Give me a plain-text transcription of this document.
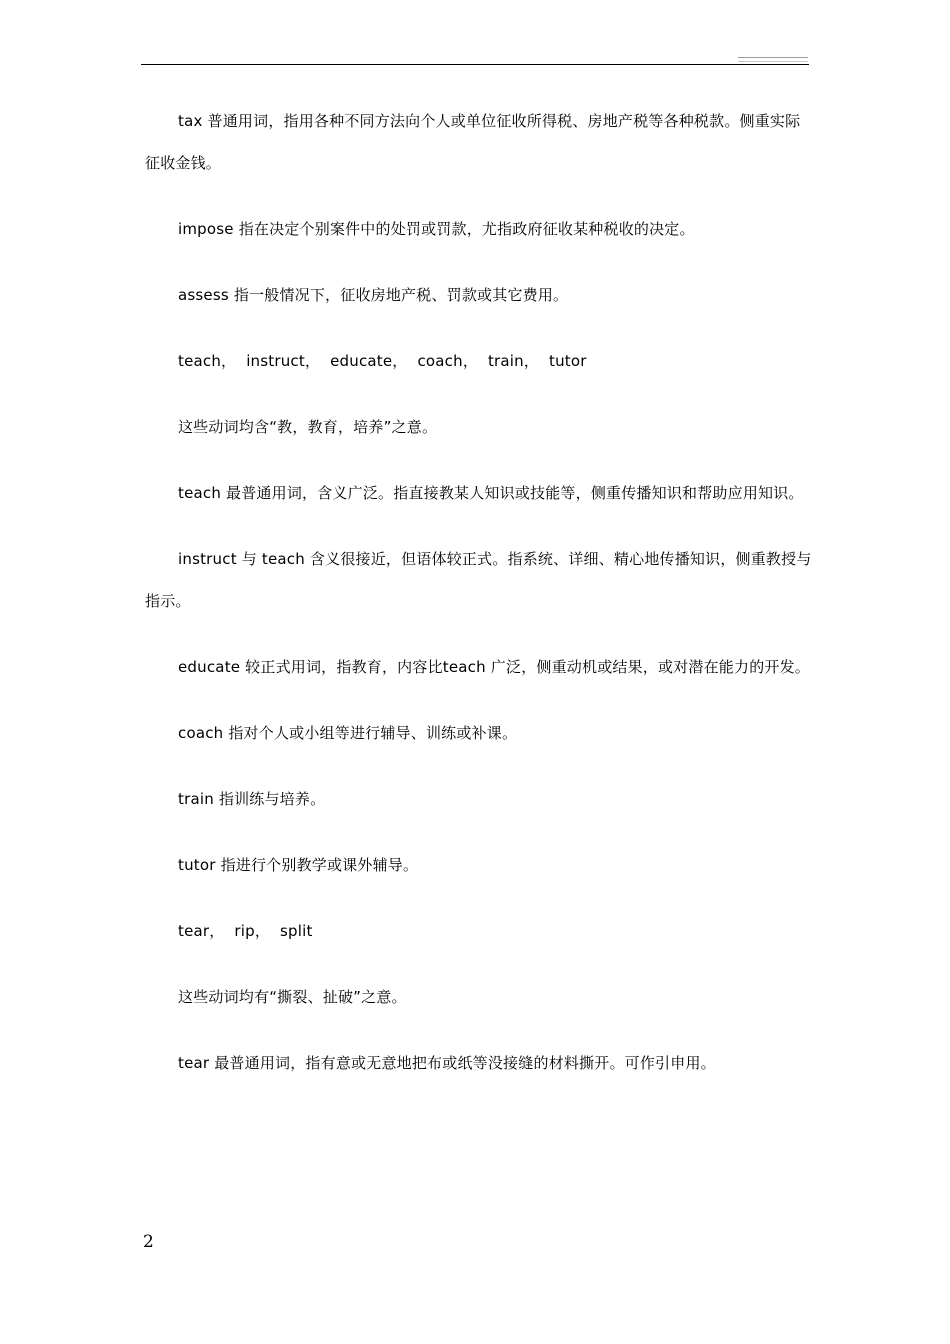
tax 普通用词，指用各种不同方法向个人或单位征收所得税、房地产税等各种税款。侧重实际征收金钱。

impose 指在决定个别案件中的处罚或罚款，尤指政府征收某种税收的决定。

assess 指一般情况下，征收房地产税、罚款或其它费用。

teach，  instruct，  educate，  coach，  train，  tutor

这些动词均含“教，教育，培养”之意。

teach 最普通用词，含义广泛。指直接教某人知识或技能等，侧重传播知识和帮助应用知识。

instruct 与 teach 含义很接近，但语体较正式。指系统、详细、精心地传播知识，侧重教授与指示。

educate 较正式用词，指教育，内容比teach 广泛，侧重动机或结果，或对潜在能力的开发。

coach 指对个人或小组等进行辅导、训练或补课。

train 指训练与培养。

tutor 指进行个别教学或课外辅导。

tear，  rip，  split

这些动词均有“撕裂、扯破”之意。

tear 最普通用词，指有意或无意地把布或纸等没接缝的材料撕开。可作引申用。

2
